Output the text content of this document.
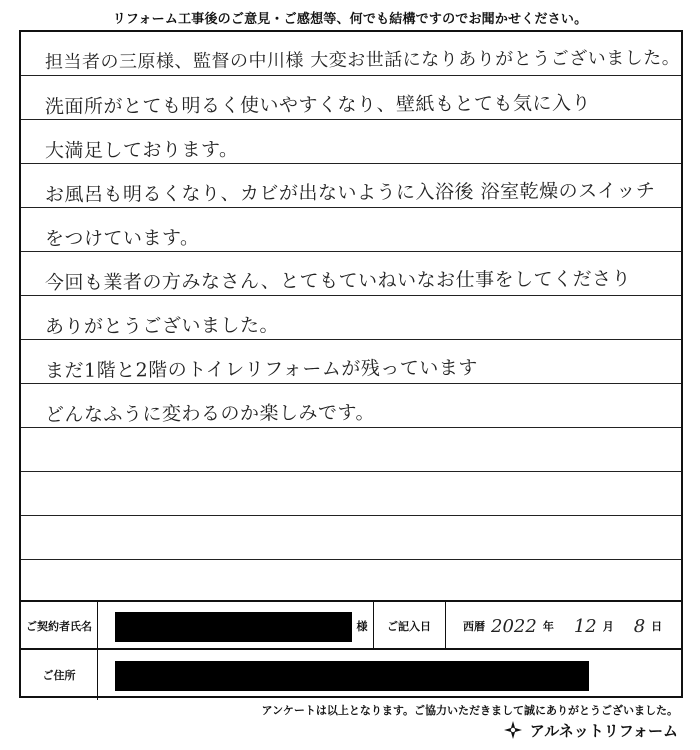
リフォーム工事後のご意見・ご感想等、何でも結構ですのでお聞かせください。
担当者の三原様、監督の中川様 大変お世話になりありがとうございました。
洗面所がとても明るく使いやすくなり、壁紙もとても気に入り
大満足しております。
お風呂も明るくなり、カビが出ないように入浴後 浴室乾燥のスイッチ
をつけています。
今回も業者の方みなさん、とてもていねいなお仕事をしてくださり
ありがとうございました。
まだ1階と2階のトイレリフォームが残っています
どんなふうに変わるのか楽しみです。
ご契約者氏名	様	ご記入日	西暦 2022 年 12 月 8 日
ご住所
アンケートは以上となります。ご協力いただきまして誠にありがとうございました。
アルネットリフォーム
